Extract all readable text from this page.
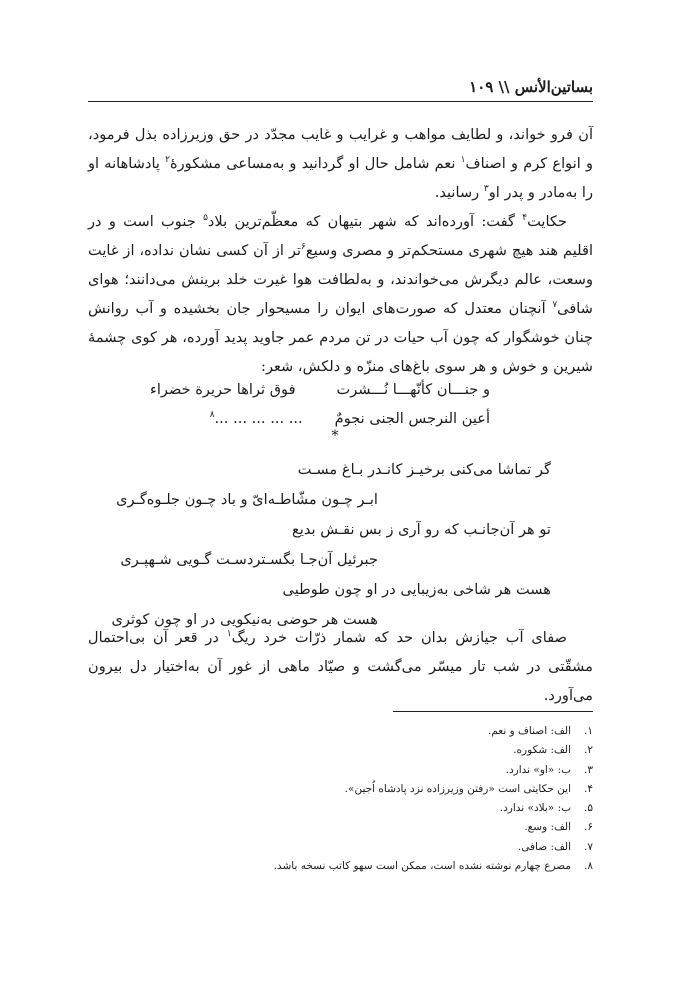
بساتین‌الأنس \\ ۱۰۹

آن فرو خواند، و لطایف مواهب و غرایب و غایب مجدّد در حق وزیرزاده بذل فرمود، و انواع کرم و اصناف$^۱$ نعم شامل حال او گردانید و به‌مساعی مشکورهٔ$^۲$ پادشاهانه او را به‌مادر و پدر او$^۳$ رسانید.

حکایت$^۴$ گفت: آورده‌اند که شهر بتیهان که معظّم‌ترین بلاد$^۵$ جنوب است و در اقلیم هند هیچ شهری مستحکم‌تر و مصری وسیع$^۶$تر از آن کسی نشان نداده، از غایت وسعت، عالم دیگرش می‌خواندند، و به‌لطافت هوا غیرت خلد برینش می‌دانند؛ هوای شافی$^۷$ آنچنان معتدل که صورت‌های ایوان را مسیحوار جان بخشیده و آب روانش چنان خوشگوار که چون آب حیات در تن مردم عمر جاوید پدید آورده، هر کوی چشمهٔ شیرین و خوش و هر سوی باغ‌های منزّه و دلکش، شعر:

و جنـــان کأنّهـــا نُـــشرت
فوق ثراها حريرة خضراء
أعين النرجس الجنى نجومٌ
... ... ... ... ...$^۸$
*
گر تماشا می‌کنی برخیـز کانـدر بـاغ مسـت
ابـر چـون مشّاطـه‌ایّ و باد چـون جلـوه‌گـری
تو هر آن‌جانـب که رو آری ز بس نقـش بدیع
جبرئیل آن‌جـا بگسـتردسـت گـویی شـهپـری
هست هر شاخی به‌زیبایی در او چون طوطیی
هست هر حوضی به‌نیکویی در او چون کوثری

صفای آب جیازش بدان حد که شمار ذرّات خرد ریگ$^۱$ در قعر آن بی‌احتمال مشقّتی در شب تار میسّر می‌گشت و صیّاد ماهی از غور آن به‌اختیار دل بیرون می‌آورد.

۱.
الف: اصناف و نعم.
۲.
الف: شکوره.
۳.
ب: «او» ندارد.
۴.
این حکایتی است «رفتن وزیرزاده نزد پادشاه اُجین».
۵.
ب: «بلاد» ندارد.
۶.
الف: وسع.
۷.
الف: صافی.
۸.
مصرع چهارم نوشته نشده است، ممکن است سهو کاتب نسخه باشد.
